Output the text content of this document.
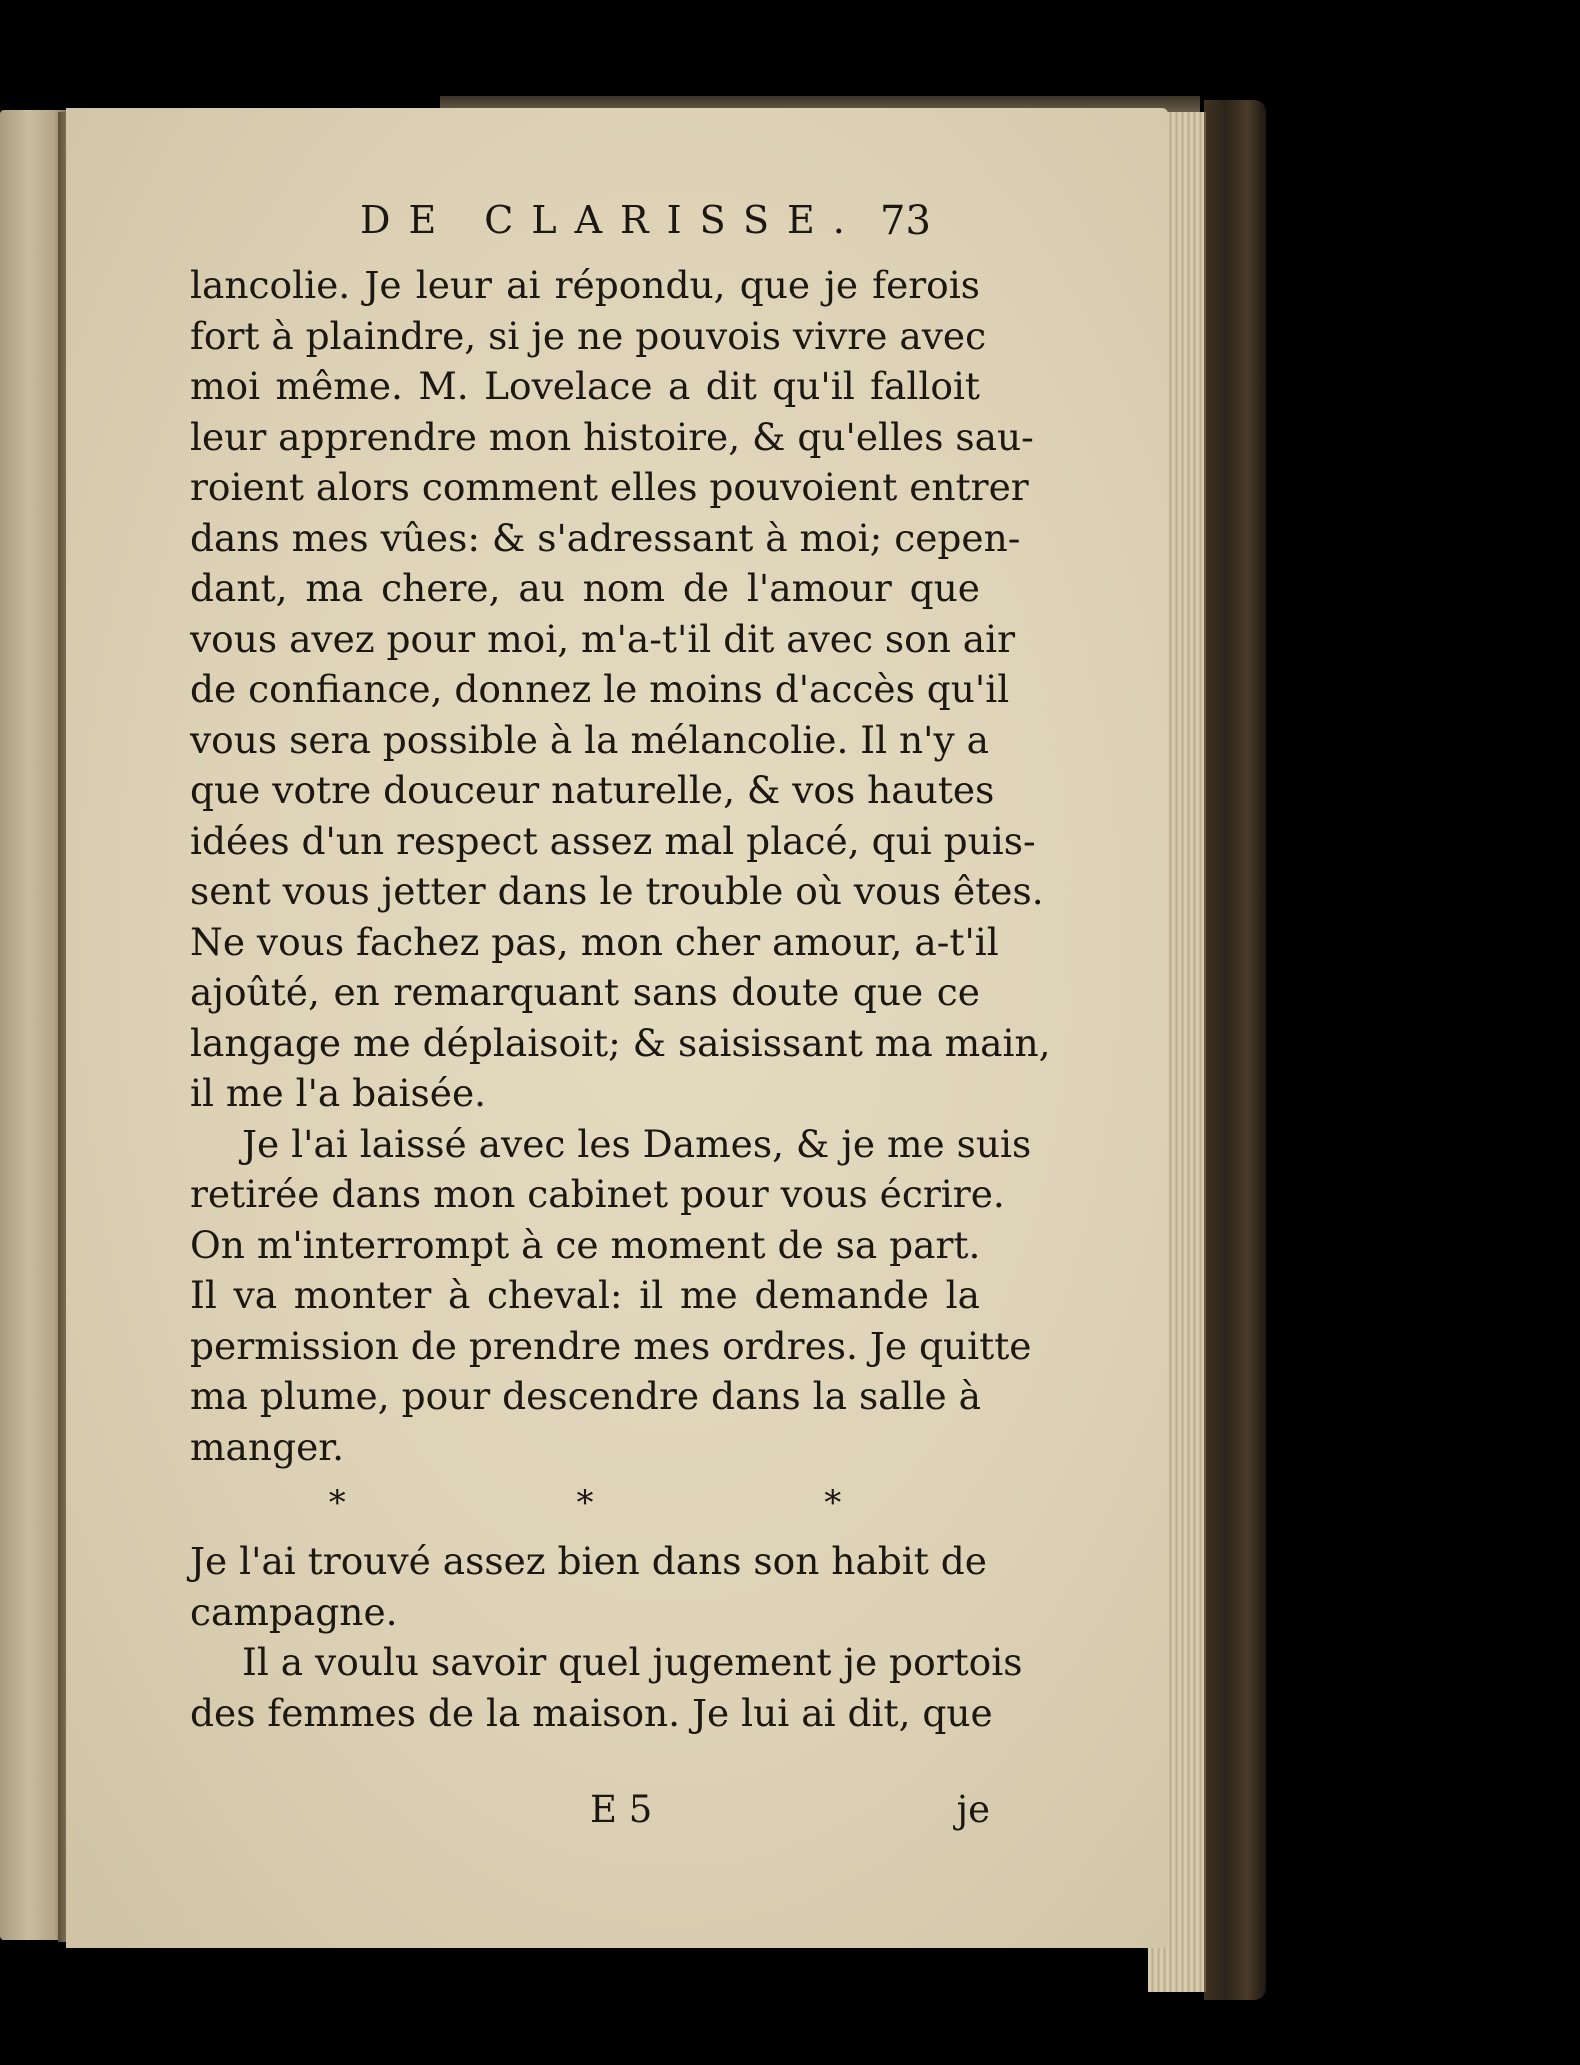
DE CLARISSE. 73
lancolie. Je leur ai répondu, que je ferois
fort à plaindre, si je ne pouvois vivre avec
moi même. M. Lovelace a dit qu'il falloit
leur apprendre mon histoire, & qu'elles sau-
roient alors comment elles pouvoient entrer
dans mes vûes: & s'adressant à moi; cepen-
dant, ma chere, au nom de l'amour que
vous avez pour moi, m'a-t'il dit avec son air
de confiance, donnez le moins d'accès qu'il
vous sera possible à la mélancolie. Il n'y a
que votre douceur naturelle, & vos hautes
idées d'un respect assez mal placé, qui puis-
sent vous jetter dans le trouble où vous êtes.
Ne vous fachez pas, mon cher amour, a-t'il
ajoûté, en remarquant sans doute que ce
langage me déplaisoit; & saisissant ma main,
il me l'a baisée.
Je l'ai laissé avec les Dames, & je me suis
retirée dans mon cabinet pour vous écrire.
On m'interrompt à ce moment de sa part.
Il va monter à cheval: il me demande la
permission de prendre mes ordres. Je quitte
ma plume, pour descendre dans la salle à
manger.
* * *
Je l'ai trouvé assez bien dans son habit de
campagne.
Il a voulu savoir quel jugement je portois
des femmes de la maison. Je lui ai dit, que
E 5	je
